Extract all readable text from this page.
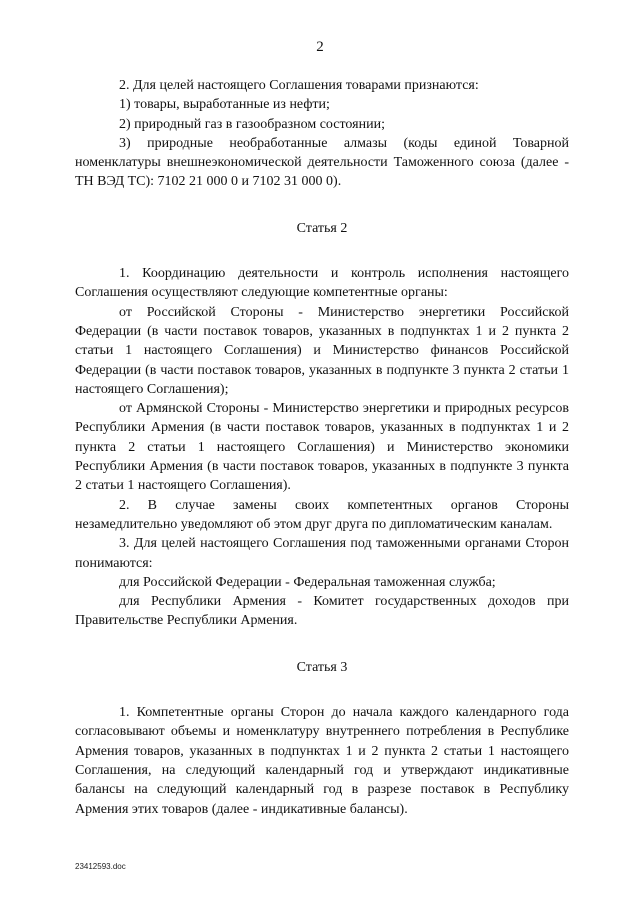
2

2. Для целей настоящего Соглашения товарами признаются:

1) товары, выработанные из нефти;

2) природный газ в газообразном состоянии;

3) природные необработанные алмазы (коды единой Товарной номенклатуры внешнеэкономической деятельности Таможенного союза (далее - ТН ВЭД ТС): 7102 21 000 0 и 7102 31 000 0).

Статья 2

1. Координацию деятельности и контроль исполнения настоящего Соглашения осуществляют следующие компетентные органы:

от Российской Стороны - Министерство энергетики Российской Федерации (в части поставок товаров, указанных в подпунктах 1 и 2 пункта 2 статьи 1 настоящего Соглашения) и Министерство финансов Российской Федерации (в части поставок товаров, указанных в подпункте 3 пункта 2 статьи 1 настоящего Соглашения);

от Армянской Стороны - Министерство энергетики и природных ресурсов Республики Армения (в части поставок товаров, указанных в подпунктах 1 и 2 пункта 2 статьи 1 настоящего Соглашения) и Министерство экономики Республики Армения (в части поставок товаров, указанных в подпункте 3 пункта 2 статьи 1 настоящего Соглашения).

2. В случае замены своих компетентных органов Стороны незамедлительно уведомляют об этом друг друга по дипломатическим каналам.

3. Для целей настоящего Соглашения под таможенными органами Сторон понимаются:

для Российской Федерации - Федеральная таможенная служба;

для Республики Армения - Комитет государственных доходов при Правительстве Республики Армения.

Статья 3

1. Компетентные органы Сторон до начала каждого календарного года согласовывают объемы и номенклатуру внутреннего потребления в Республике Армения товаров, указанных в подпунктах 1 и 2 пункта 2 статьи 1 настоящего Соглашения, на следующий календарный год и утверждают индикативные балансы на следующий календарный год в разрезе поставок в Республику Армения этих товаров (далее - индикативные балансы).

23412593.doc
